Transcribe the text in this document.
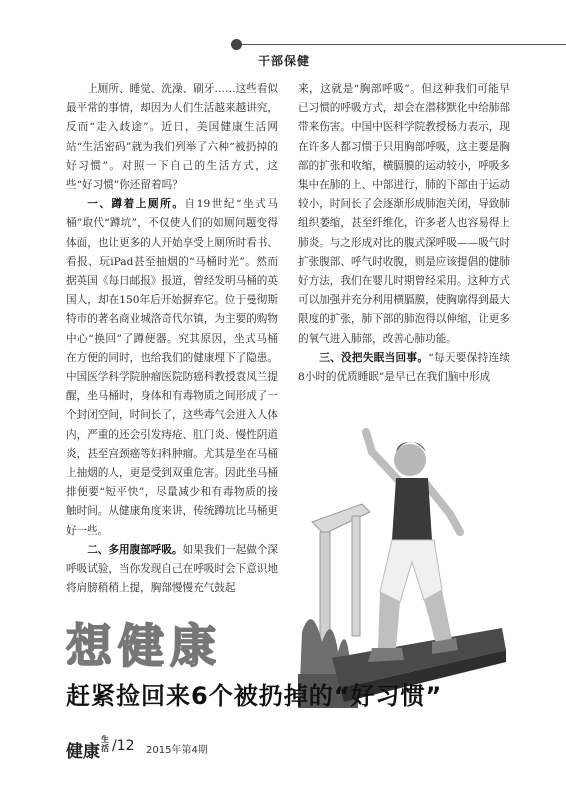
干部保健

上厕所、睡觉、洗澡、刷牙……这些看似最平常的事情，却因为人们生活越来越讲究，反而“走入歧途”。近日，美国健康生活网站“生活密码”就为我们列举了六种“被扔掉的好习惯”。对照一下自己的生活方式，这些“好习惯”你还留着吗？

一、蹲着上厕所。自19世纪“坐式马桶”取代“蹲坑”，不仅使人们的如厕问题变得体面，也让更多的人开始享受上厕所时看书、看报、玩iPad甚至抽烟的“马桶时光”。然而据英国《每日邮报》报道，曾经发明马桶的英国人，却在150年后开始摒弃它。位于曼彻斯特市的著名商业城洛奇代尔镇，为主要的购物中心“换回”了蹲便器。究其原因，坐式马桶在方便的同时，也给我们的健康埋下了隐患。中国医学科学院肿瘤医院防癌科教授袁凤兰提醒，坐马桶时，身体和有毒物质之间形成了一个封闭空间，时间长了，这些毒气会进入人体内，严重的还会引发痔疮、肛门炎、慢性阴道炎，甚至宫颈癌等妇科肿瘤。尤其是坐在马桶上抽烟的人，更是受到双重危害。因此坐马桶排便要“短平快”，尽量减少和有毒物质的接触时间。从健康角度来讲，传统蹲坑比马桶更好一些。

二、多用腹部呼吸。如果我们一起做个深呼吸试验，当你发现自己在呼吸时会下意识地将肩膀稍稍上提，胸部慢慢充气鼓起

来，这就是“胸部呼吸”。但这种我们可能早已习惯的呼吸方式，却会在潜移默化中给肺部带来伤害。中国中医科学院教授杨力表示，现在许多人都习惯于只用胸部呼吸，这主要是胸部的扩张和收缩，横膈膜的运动较小，呼吸多集中在肺的上、中部进行，肺的下部由于运动较小，时间长了会逐渐形成肺泡关闭，导致肺组织萎缩，甚至纤维化，许多老人也容易得上肺炎。与之形成对比的腹式深呼吸——吸气时扩张腹部、呼气时收腹，则是应该提倡的健肺好方法，我们在婴儿时期曾经采用。这种方式可以加强并充分利用横膈膜，使胸廓得到最大限度的扩张，肺下部的肺泡得以伸缩，让更多的氧气进入肺部，改善心肺功能。

三、没把失眠当回事。“每天要保持连续8小时的优质睡眠”是早已在我们脑中形成

想健康
赶紧捡回来6个被扔掉的“好习惯”
健康
生活 /12 2015年第4期
